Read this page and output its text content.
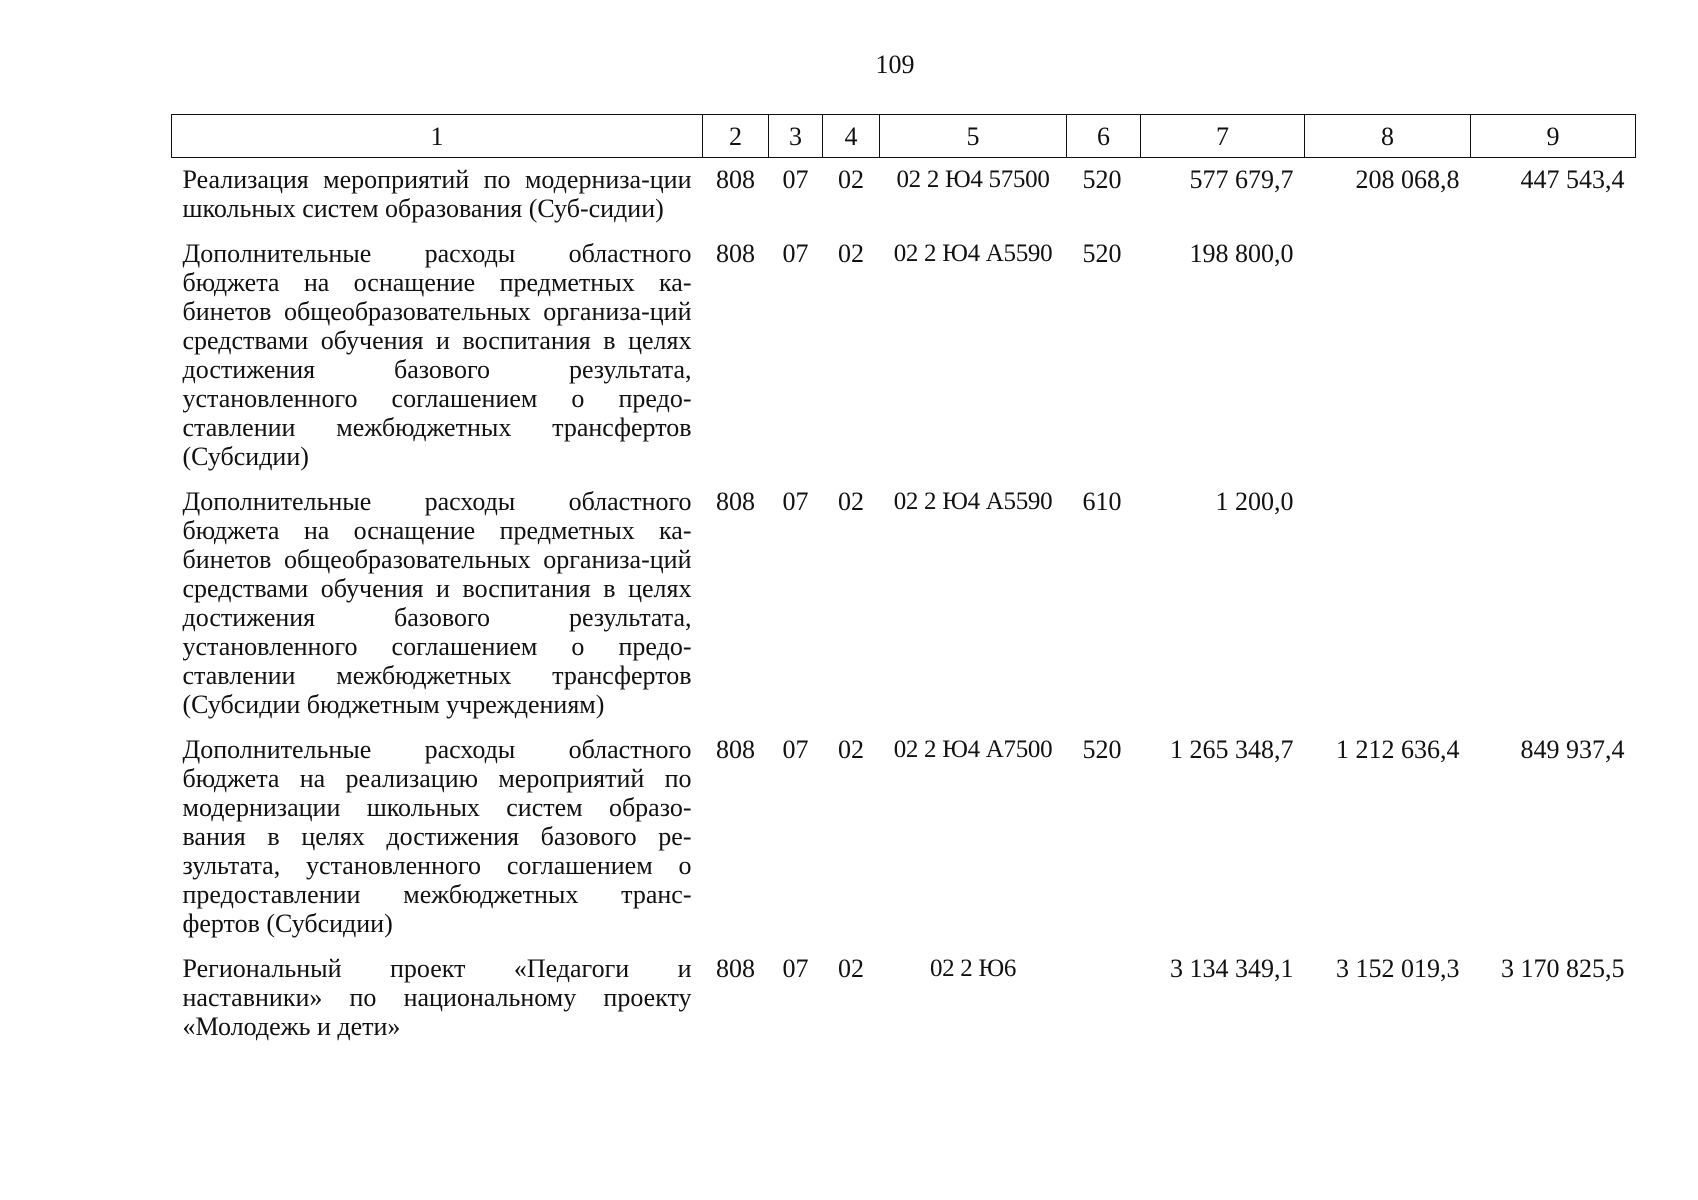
109
1	2	3	4	5	6	7	8	9
Реализация мероприятий по модерниза-ции школьных систем образования (Суб-сидии)	808	07	02	02 2 Ю4 57500	520	577 679,7	208 068,8	447 543,4
Дополнительные расходы областного бюджета на оснащение предметных ка-бинетов общеобразовательных организа-ций средствами обучения и воспитания в целях достижения базового результата, установленного соглашением о предо-ставлении межбюджетных трансфертов (Субсидии)	808	07	02	02 2 Ю4 А5590	520	198 800,0		
Дополнительные расходы областного бюджета на оснащение предметных ка-бинетов общеобразовательных организа-ций средствами обучения и воспитания в целях достижения базового результата, установленного соглашением о предо-ставлении межбюджетных трансфертов (Субсидии бюджетным учреждениям)	808	07	02	02 2 Ю4 А5590	610	1 200,0		
Дополнительные расходы областного бюджета на реализацию мероприятий по модернизации школьных систем образо-вания в целях достижения базового ре-зультата, установленного соглашением о предоставлении межбюджетных транс-фертов (Субсидии)	808	07	02	02 2 Ю4 А7500	520	1 265 348,7	1 212 636,4	849 937,4
Региональный проект «Педагоги и наставники» по национальному проекту «Молодежь и дети»	808	07	02	02 2 Ю6		3 134 349,1	3 152 019,3	3 170 825,5
